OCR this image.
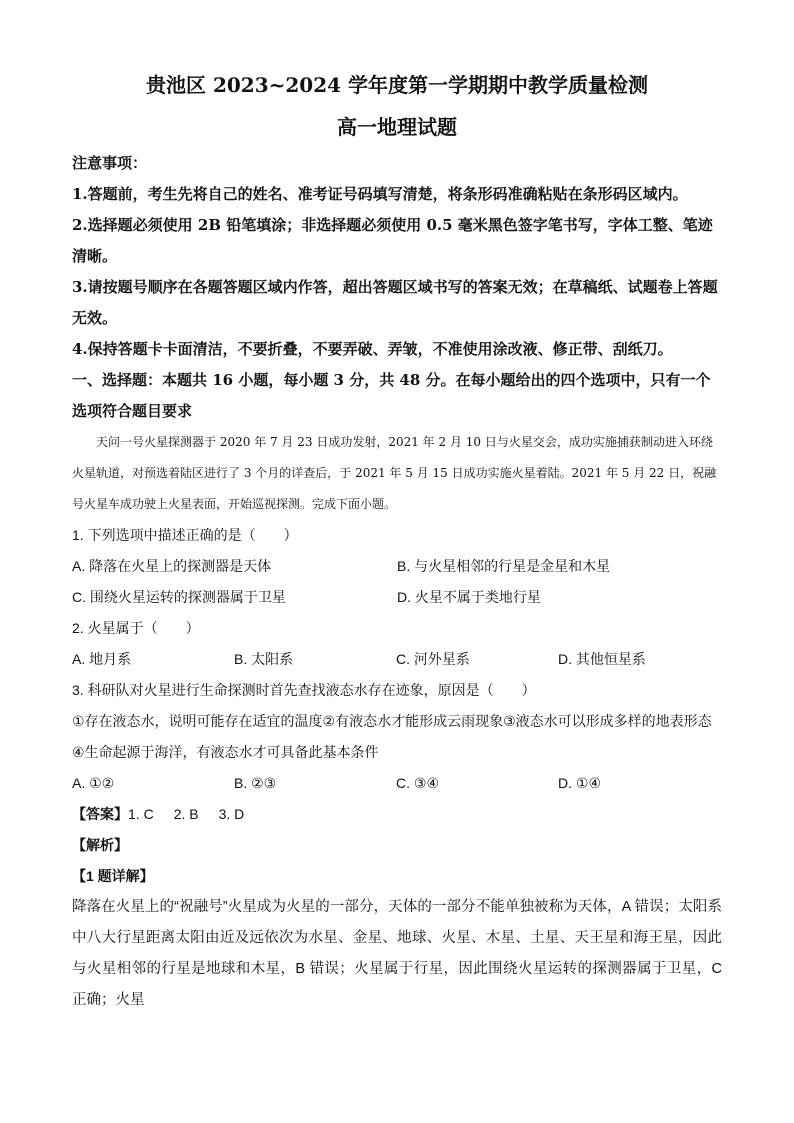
贵池区 2023~2024 学年度第一学期期中教学质量检测

高一地理试题

注意事项：

1.答题前，考生先将自己的姓名、准考证号码填写清楚，将条形码准确粘贴在条形码区域内。

2.选择题必须使用 2B 铅笔填涂；非选择题必须使用 0.5 毫米黑色签字笔书写，字体工整、笔迹清晰。

3.请按题号顺序在各题答题区域内作答，超出答题区域书写的答案无效；在草稿纸、试题卷上答题无效。

4.保持答题卡卡面清洁，不要折叠，不要弄破、弄皱，不准使用涂改液、修正带、刮纸刀。

一、选择题：本题共 16 小题，每小题 3 分，共 48 分。在每小题给出的四个选项中，只有一个选项符合题目要求

天问一号火星探测器于 2020 年 7 月 23 日成功发射，2021 年 2 月 10 日与火星交会，成功实施捕获制动进入环绕火星轨道，对预选着陆区进行了 3 个月的详查后，于 2021 年 5 月 15 日成功实施火星着陆。2021 年 5 月 22 日，祝融号火星车成功驶上火星表面，开始巡视探测。完成下面小题。

1. 下列选项中描述正确的是（　　）

A. 降落在火星上的探测器是天体	B. 与火星相邻的行星是金星和木星
C. 围绕火星运转的探测器属于卫星	D. 火星不属于类地行星

2. 火星属于（　　）

A. 地月系	B. 太阳系	C. 河外星系	D. 其他恒星系

3. 科研队对火星进行生命探测时首先查找液态水存在迹象，原因是（　　）

①存在液态水，说明可能存在适宜的温度②有液态水才能形成云雨现象③液态水可以形成多样的地表形态④生命起源于海洋，有液态水才可具备此基本条件

A. ①②	B. ②③	C. ③④	D. ①④

【答案】1. C 2. B 3. D

【解析】

【1 题详解】

降落在火星上的“祝融号”火星成为火星的一部分，天体的一部分不能单独被称为天体，A 错误；太阳系中八大行星距离太阳由近及远依次为水星、金星、地球、火星、木星、土星、天王星和海王星，因此与火星相邻的行星是地球和木星，B 错误；火星属于行星，因此围绕火星运转的探测器属于卫星，C 正确；火星
